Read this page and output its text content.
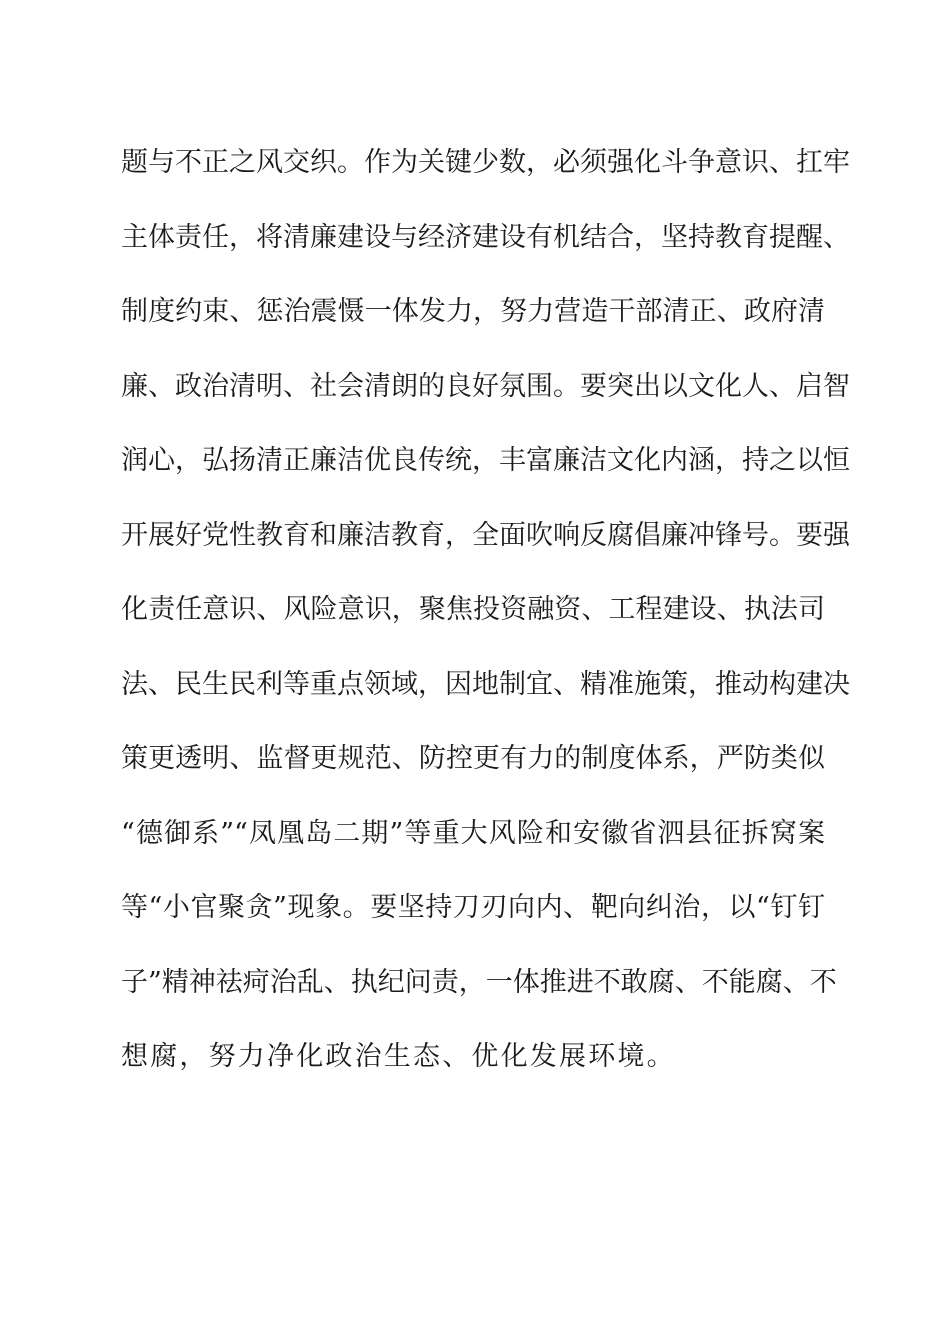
题与不正之风交织。作为关键少数，必须强化斗争意识、扛牢
主体责任，将清廉建设与经济建设有机结合，坚持教育提醒、
制度约束、惩治震慑一体发力，努力营造干部清正、政府清
廉、政治清明、社会清朗的良好氛围。要突出以文化人、启智
润心，弘扬清正廉洁优良传统，丰富廉洁文化内涵，持之以恒
开展好党性教育和廉洁教育，全面吹响反腐倡廉冲锋号。要强
化责任意识、风险意识，聚焦投资融资、工程建设、执法司
法、民生民利等重点领域，因地制宜、精准施策，推动构建决
策更透明、监督更规范、防控更有力的制度体系，严防类似
“德御系”“凤凰岛二期”等重大风险和安徽省泗县征拆窝案
等“小官聚贪”现象。要坚持刀刃向内、靶向纠治，以“钉钉
子”精神祛疴治乱、执纪问责，一体推进不敢腐、不能腐、不
想腐，努力净化政治生态、优化发展环境。
